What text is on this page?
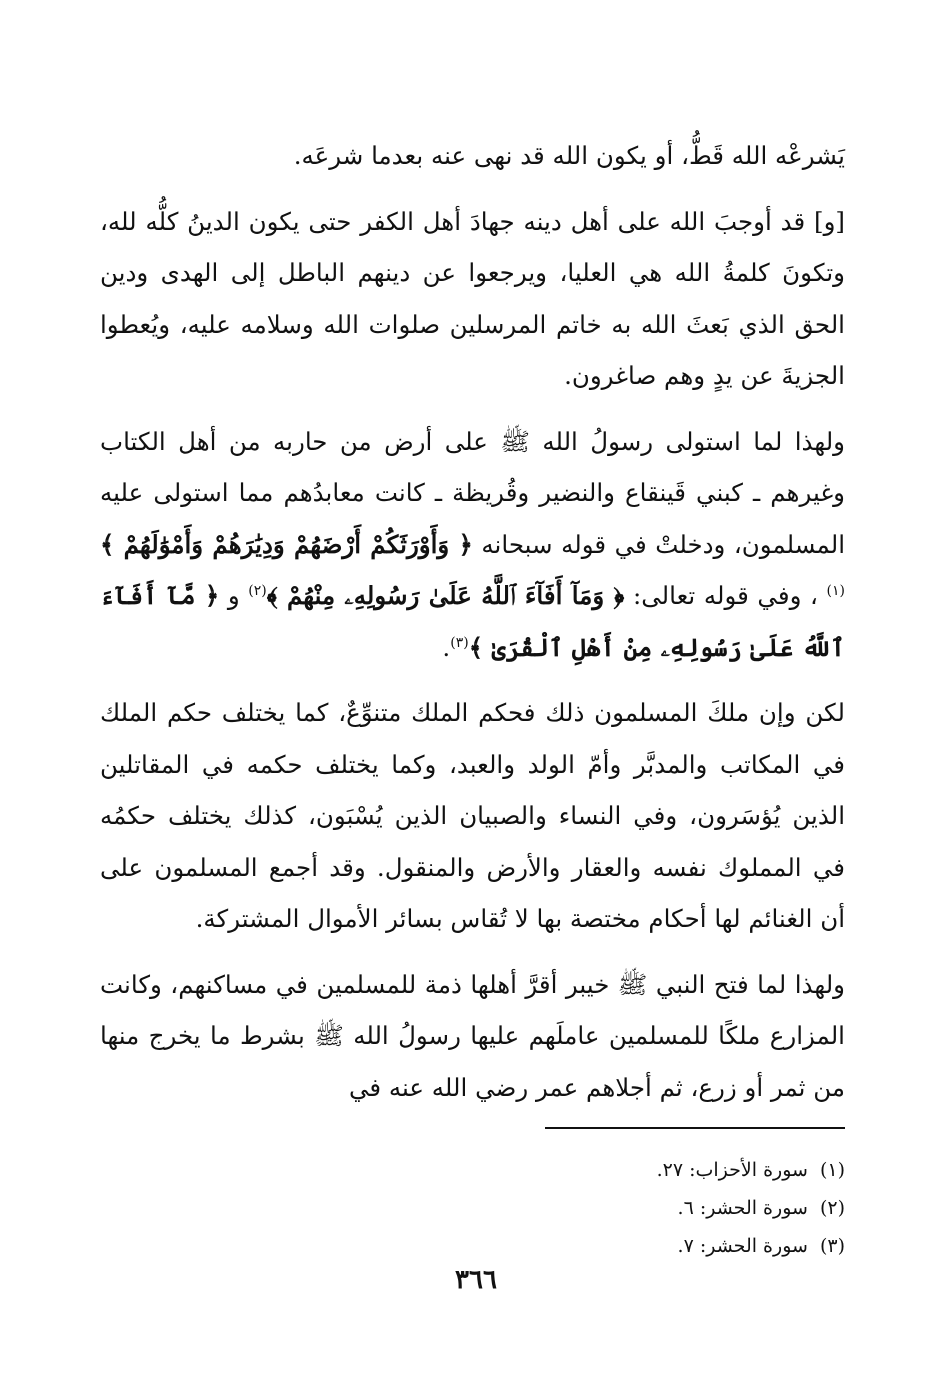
يَشرعْه الله قَطُّ، أو يكون الله قد نهى عنه بعدما شرعَه.

[و] قد أوجبَ الله على أهل دينه جهادَ أهل الكفر حتى يكون الدينُ كلُّه لله، وتكونَ كلمةُ الله هي العليا، ويرجعوا عن دينهم الباطل إلى الهدى ودين الحق الذي بَعثَ الله به خاتم المرسلين صلوات الله وسلامه عليه، ويُعطوا الجزيةَ عن يدٍ وهم صاغرون.

ولهذا لما استولى رسولُ الله ﷺ على أرض من حاربه من أهل الكتاب وغيرهم ـ كبني قَينقاع والنضير وقُريظة ـ كانت معابدُهم مما استولى عليه المسلمون، ودخلتْ في قوله سبحانه ﴿ وَأَوْرَثَكُمْ أَرْضَهُمْ وَدِيَٰرَهُمْ وَأَمْوَٰلَهُمْ ﴾$^{(١)}$ ، وفي قوله تعالى: ﴿ وَمَآ أَفَآءَ ٱللَّهُ عَلَىٰ رَسُولِهِۦ مِنْهُمْ ﴾$^{(٢)}$ و ﴿ مَّآ أَفَآءَ ٱللَّهُ عَلَىٰ رَسُولِهِۦ مِنْ أَهْلِ ٱلْقُرَىٰ ﴾$^{(٣)}$.

لكن وإن ملكَ المسلمون ذلك فحكم الملك متنوِّعٌ، كما يختلف حكم الملك في المكاتب والمدبَّر وأمّ الولد والعبد، وكما يختلف حكمه في المقاتلين الذين يُؤسَرون، وفي النساء والصبيان الذين يُسْبَون، كذلك يختلف حكمُه في المملوك نفسه والعقار والأرض والمنقول. وقد أجمع المسلمون على أن الغنائم لها أحكام مختصة بها لا تُقاس بسائر الأموال المشتركة.

ولهذا لما فتح النبي ﷺ خيبر أقرَّ أهلها ذمة للمسلمين في مساكنهم، وكانت المزارع ملكًا للمسلمين عاملَهم عليها رسولُ الله ﷺ بشرط ما يخرج منها من ثمر أو زرع، ثم أجلاهم عمر رضي الله عنه في

(١)سورة الأحزاب: ٢٧.
(٢)سورة الحشر: ٦.
(٣)سورة الحشر: ٧.
٣٦٦
